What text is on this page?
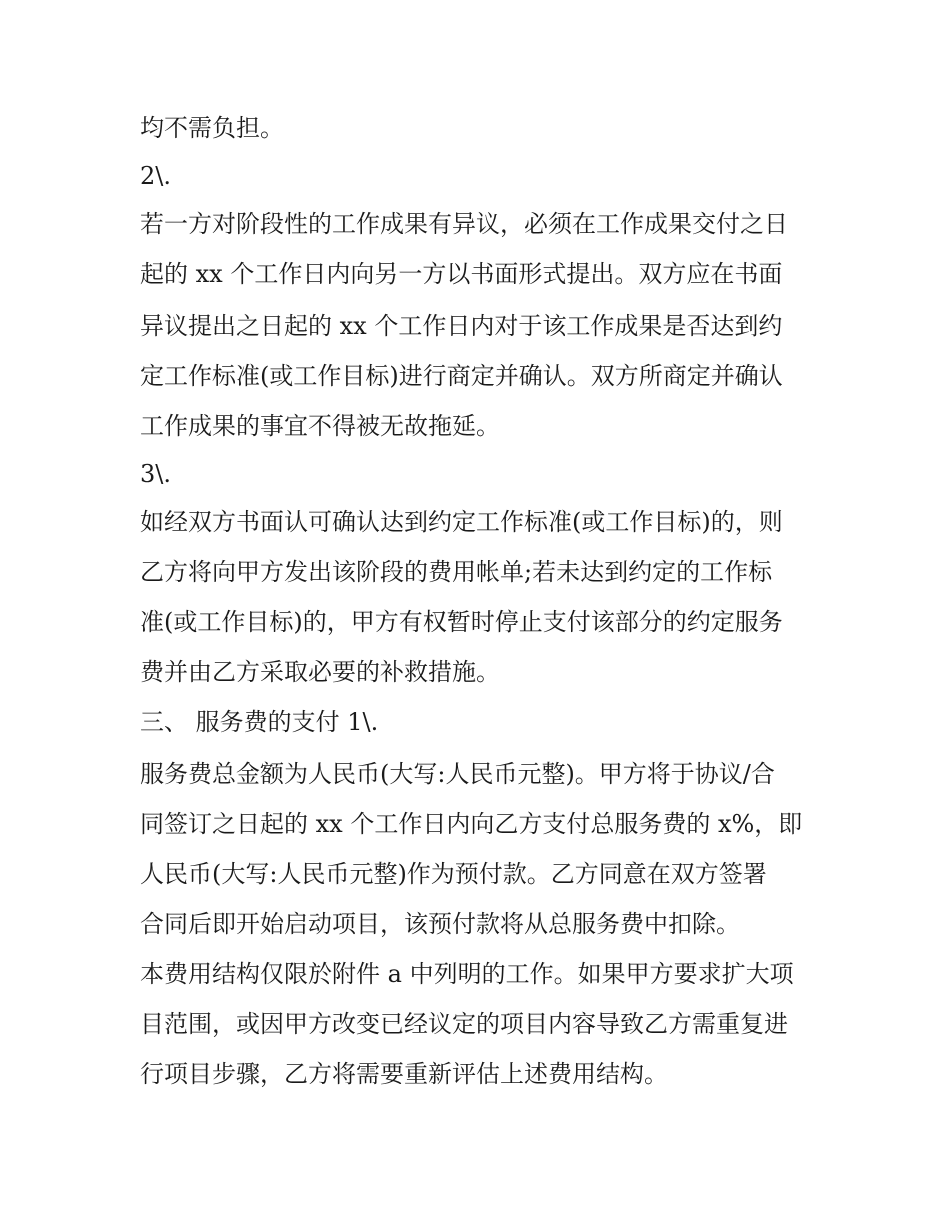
均不需负担。

2\.

若一方对阶段性的工作成果有异议，必须在工作成果交付之日

起的 xx 个工作日内向另一方以书面形式提出。双方应在书面

异议提出之日起的 xx 个工作日内对于该工作成果是否达到约

定工作标准(或工作目标)进行商定并确认。双方所商定并确认

工作成果的事宜不得被无故拖延。

3\.

如经双方书面认可确认达到约定工作标准(或工作目标)的，则

乙方将向甲方发出该阶段的费用帐单;若未达到约定的工作标

准(或工作目标)的，甲方有权暂时停止支付该部分的约定服务

费并由乙方采取必要的补救措施。

三、 服务费的支付 1\.

服务费总金额为人民币(大写:人民币元整)。甲方将于协议/合

同签订之日起的 xx 个工作日内向乙方支付总服务费的 x%，即

人民币(大写:人民币元整)作为预付款。乙方同意在双方签署

合同后即开始启动项目，该预付款将从总服务费中扣除。

本费用结构仅限於附件 a 中列明的工作。如果甲方要求扩大项

目范围，或因甲方改变已经议定的项目内容导致乙方需重复进

行项目步骤，乙方将需要重新评估上述费用结构。
